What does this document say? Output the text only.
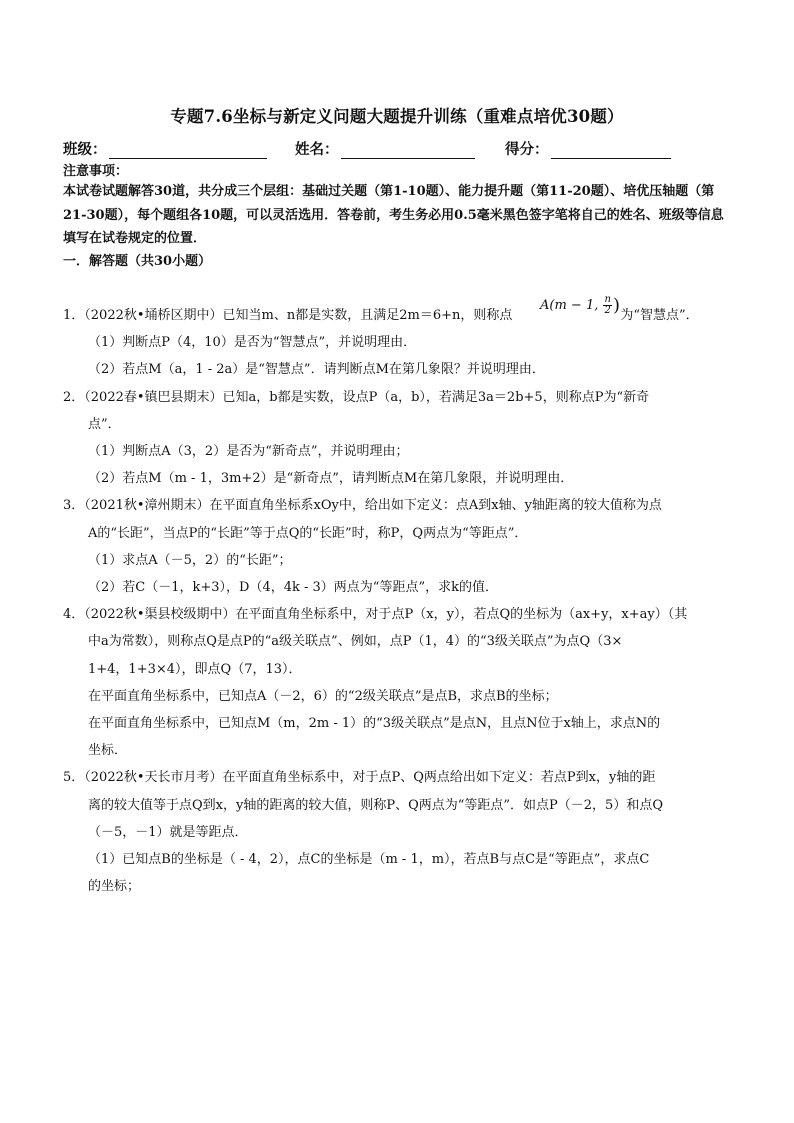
专题7.6坐标与新定义问题大题提升训练（重难点培优30题）
班级：	姓名：	得分：
注意事项：
本试卷试题解答30道，共分成三个层组：基础过关题（第1-10题）、能力提升题（第11-20题）、培优压轴题（第21-30题），每个题组各10题，可以灵活选用．答卷前，考生务必用0.5毫米黑色签字笔将自己的姓名、班级等信息填写在试卷规定的位置．
一．解答题（共30小题）
1．（2022秋•埇桥区期中）已知当m、n都是实数，且满足2m＝6+n，则称点	为“智慧点”．
A(m − 1, $\frac{n}{2}$ )
（1）判断点P（4，10）是否为“智慧点”，并说明理由．
（2）若点M（a，1 - 2a）是“智慧点”．请判断点M在第几象限？并说明理由．
2．（2022春•镇巴县期末）已知a，b都是实数，设点P（a，b），若满足3a＝2b+5，则称点P为“新奇
点”．
（1）判断点A（3，2）是否为“新奇点”，并说明理由；
（2）若点M（m - 1，3m+2）是“新奇点”，请判断点M在第几象限，并说明理由．
3．（2021秋•漳州期末）在平面直角坐标系xOy中，给出如下定义：点A到x轴、y轴距离的较大值称为点
A的“长距”，当点P的“长距”等于点Q的“长距”时，称P，Q两点为“等距点”．
（1）求点A（－5，2）的“长距”；
（2）若C（－1，k+3），D（4，4k - 3）两点为“等距点”，求k的值．
4．（2022秋•渠县校级期中）在平面直角坐标系中，对于点P（x，y），若点Q的坐标为（ax+y，x+ay）（其
中a为常数），则称点Q是点P的“a级关联点”、例如，点P（1，4）的“3级关联点”为点Q（3×
1+4，1+3×4），即点Q（7，13）．
在平面直角坐标系中，已知点A（－2，6）的“2级关联点”是点B，求点B的坐标；
在平面直角坐标系中，已知点M（m，2m - 1）的“3级关联点”是点N，且点N位于x轴上，求点N的
坐标．
5．（2022秋•天长市月考）在平面直角坐标系中，对于点P、Q两点给出如下定义：若点P到x，y轴的距
离的较大值等于点Q到x，y轴的距离的较大值，则称P、Q两点为“等距点”．如点P（－2，5）和点Q
（－5，－1）就是等距点．
（1）已知点B的坐标是（ - 4，2），点C的坐标是（m - 1，m），若点B与点C是“等距点”，求点C
的坐标；
